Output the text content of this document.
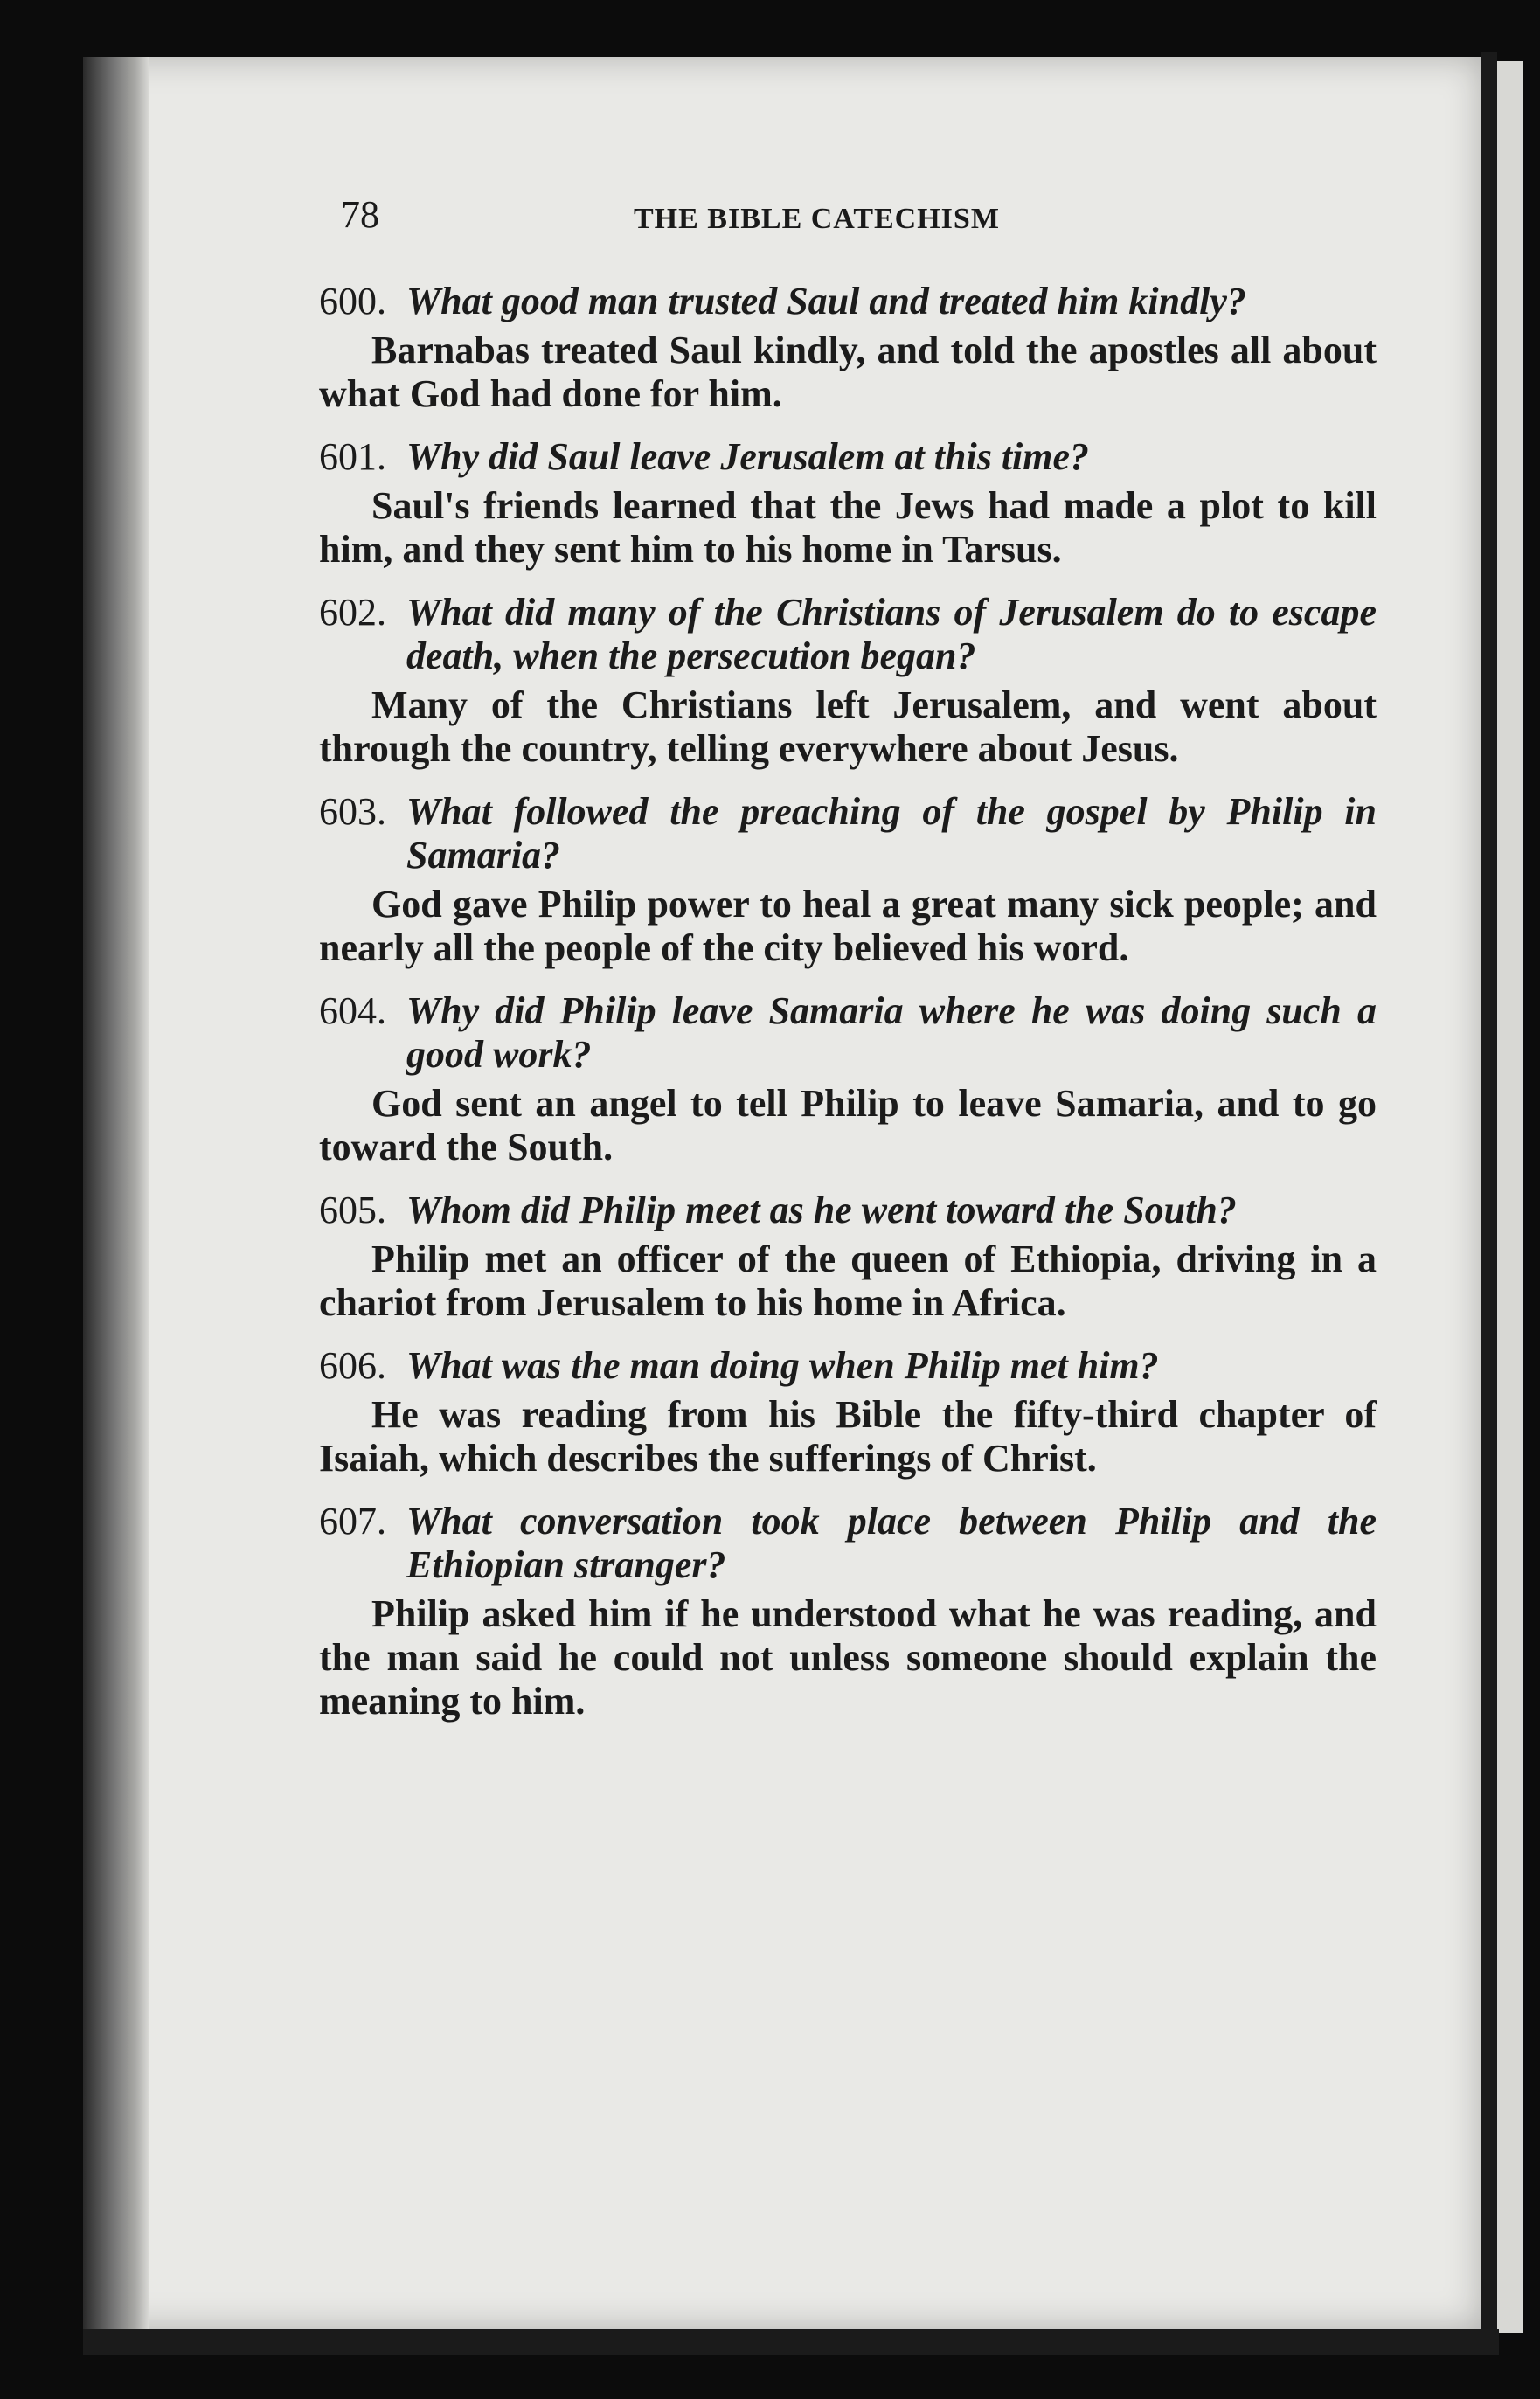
78	THE BIBLE CATECHISM

600. What good man trusted Saul and treated him kindly?

Barnabas treated Saul kindly, and told the apostles all about what God had done for him.

601. Why did Saul leave Jerusalem at this time?

Saul's friends learned that the Jews had made a plot to kill him, and they sent him to his home in Tarsus.

602. What did many of the Christians of Jerusalem do to escape death, when the persecution began?

Many of the Christians left Jerusalem, and went about through the country, telling everywhere about Jesus.

603. What followed the preaching of the gospel by Philip in Samaria?

God gave Philip power to heal a great many sick people; and nearly all the people of the city believed his word.

604. Why did Philip leave Samaria where he was doing such a good work?

God sent an angel to tell Philip to leave Samaria, and to go toward the South.

605. Whom did Philip meet as he went toward the South?

Philip met an officer of the queen of Ethiopia, driving in a chariot from Jerusalem to his home in Africa.

606. What was the man doing when Philip met him?

He was reading from his Bible the fifty-third chapter of Isaiah, which describes the sufferings of Christ.

607. What conversation took place between Philip and the Ethiopian stranger?

Philip asked him if he understood what he was reading, and the man said he could not unless someone should explain the meaning to him.
